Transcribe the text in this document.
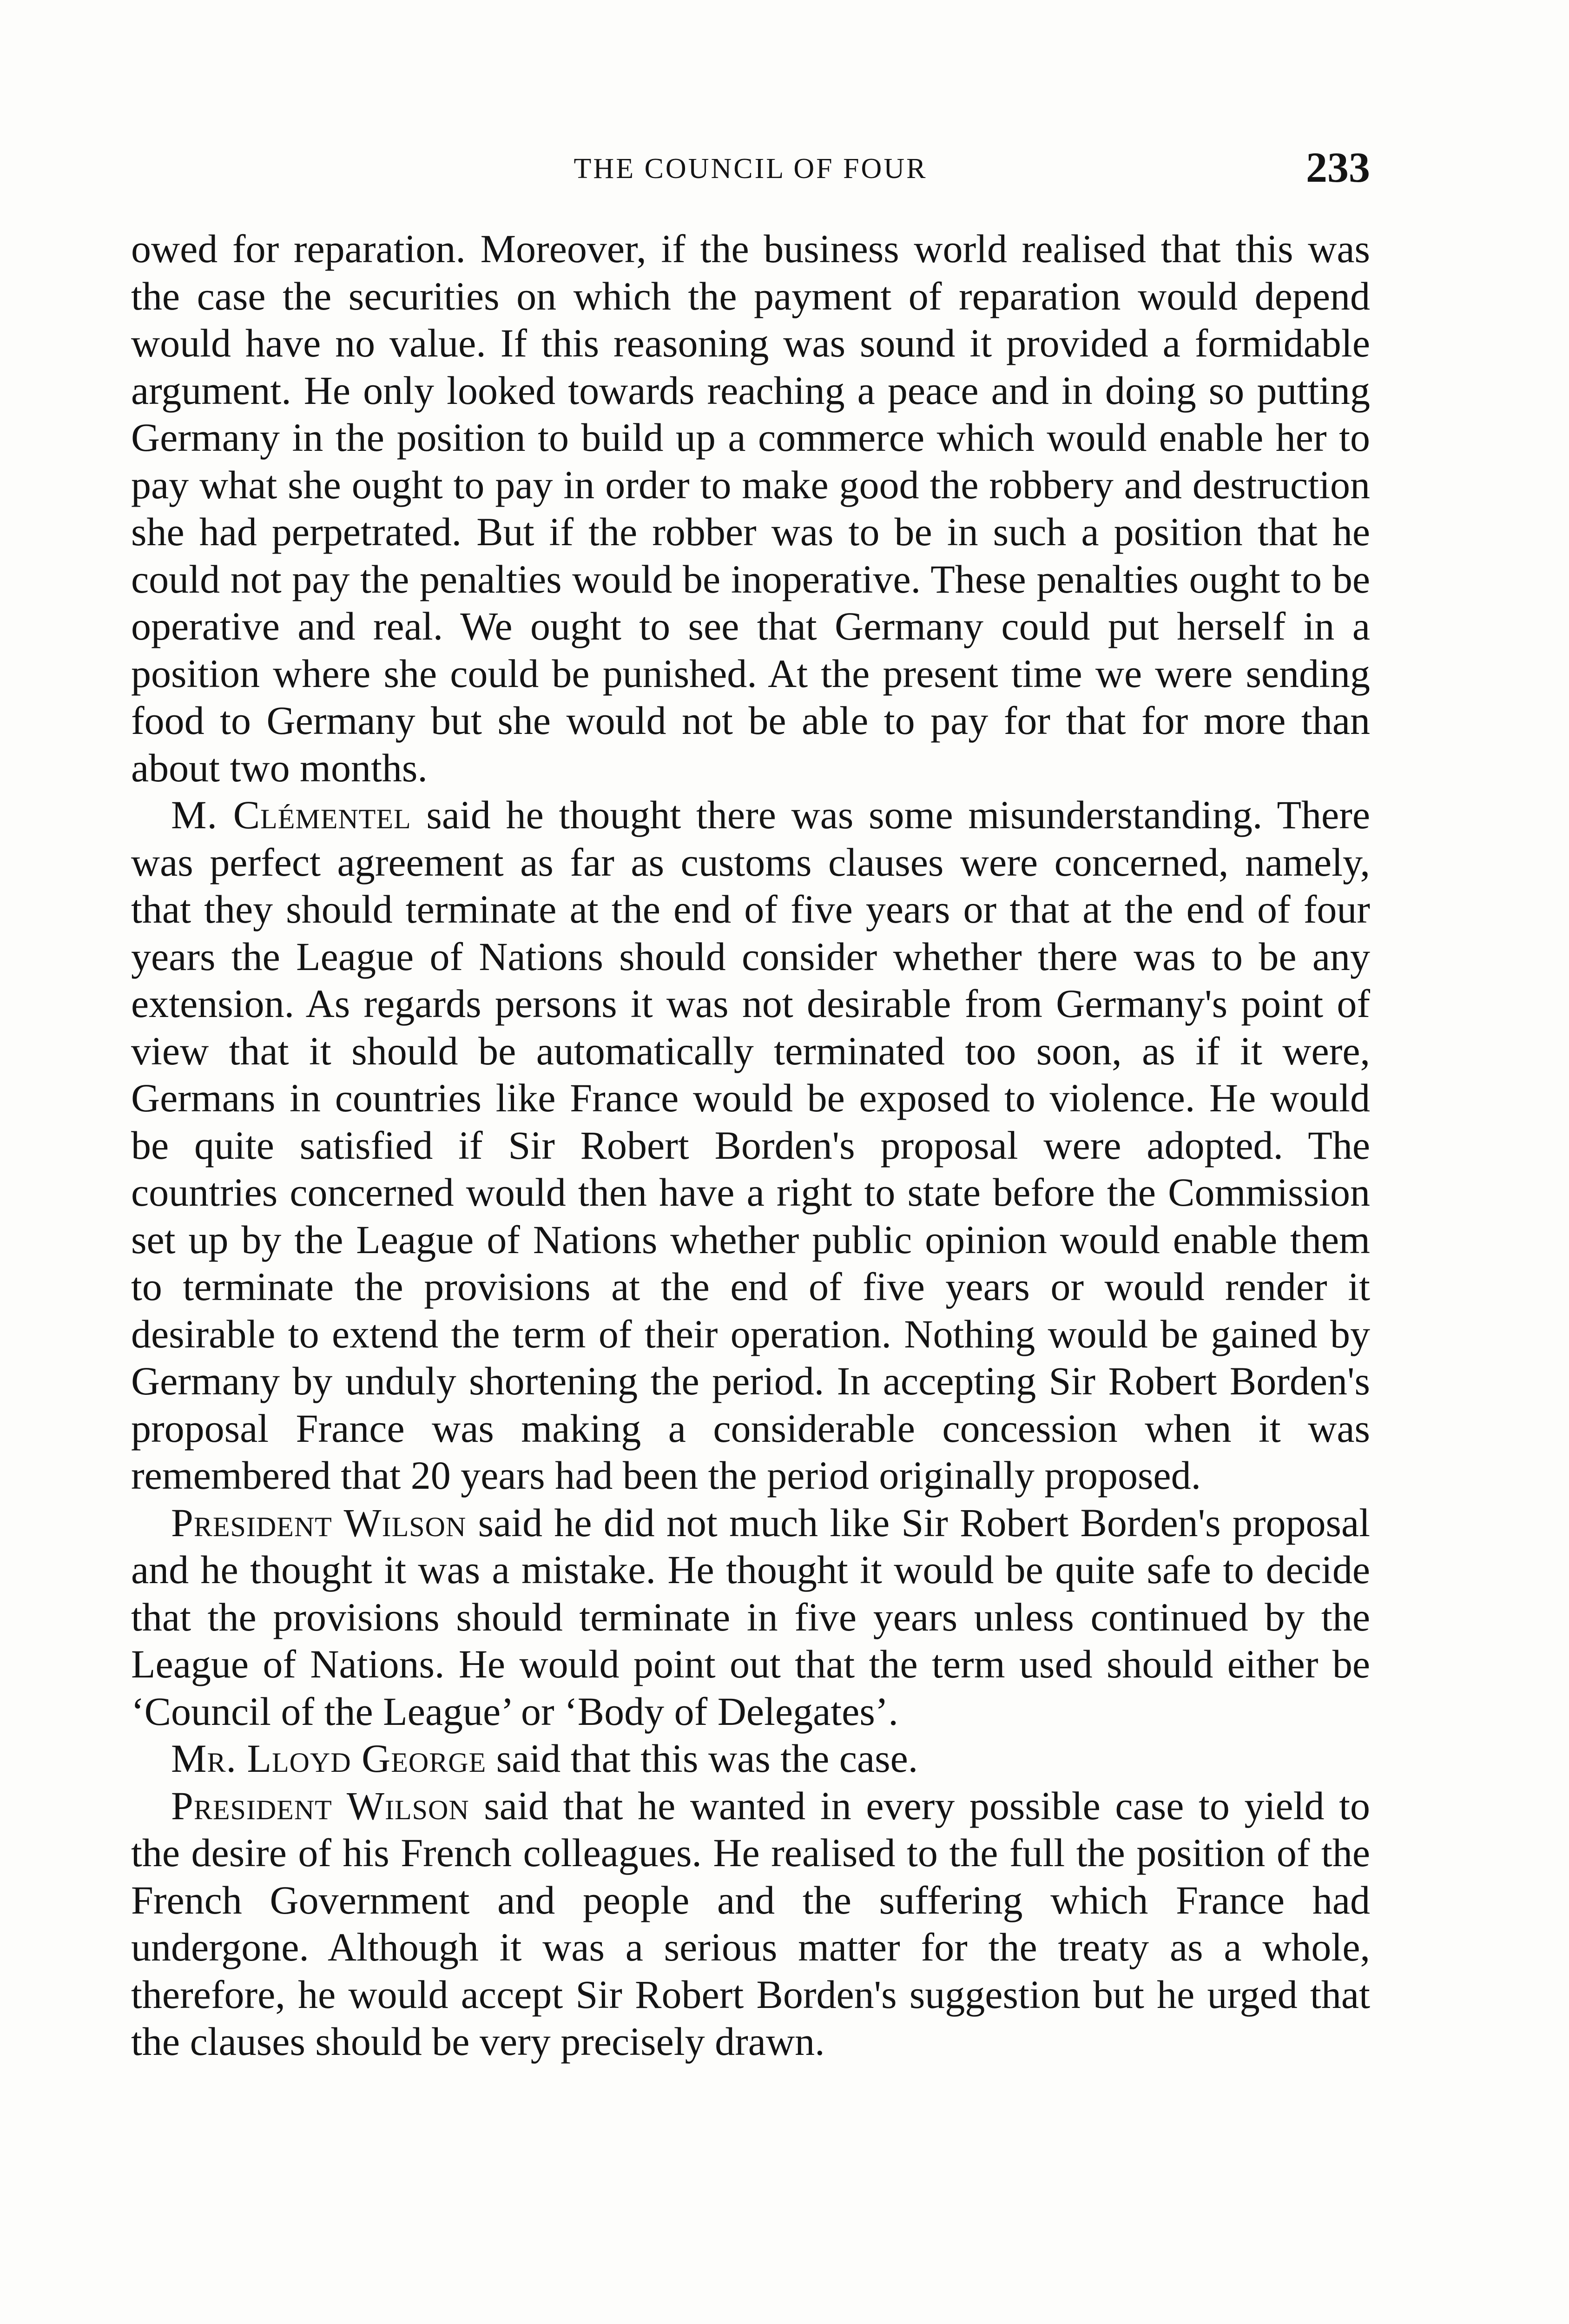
THE COUNCIL OF FOUR	233

owed for reparation. Moreover, if the business world realised that this was the case the securities on which the payment of reparation would depend would have no value. If this reasoning was sound it provided a formidable argument. He only looked towards reaching a peace and in doing so putting Germany in the position to build up a commerce which would enable her to pay what she ought to pay in order to make good the robbery and destruction she had perpetrated. But if the robber was to be in such a position that he could not pay the penalties would be inoperative. These penalties ought to be operative and real. We ought to see that Germany could put herself in a position where she could be punished. At the present time we were sending food to Germany but she would not be able to pay for that for more than about two months.

M. Clémentel said he thought there was some misunderstanding. There was perfect agreement as far as customs clauses were concerned, namely, that they should terminate at the end of five years or that at the end of four years the League of Nations should consider whether there was to be any extension. As regards persons it was not desirable from Germany's point of view that it should be automatically terminated too soon, as if it were, Germans in countries like France would be exposed to violence. He would be quite satisfied if Sir Robert Borden's proposal were adopted. The countries concerned would then have a right to state before the Commission set up by the League of Nations whether public opinion would enable them to terminate the provisions at the end of five years or would render it desirable to extend the term of their operation. Nothing would be gained by Germany by unduly shortening the period. In accepting Sir Robert Borden's proposal France was making a considerable concession when it was remembered that 20 years had been the period originally proposed.

President Wilson said he did not much like Sir Robert Borden's proposal and he thought it was a mistake. He thought it would be quite safe to decide that the provisions should terminate in five years unless continued by the League of Nations. He would point out that the term used should either be ‘Council of the League’ or ‘Body of Delegates’.

Mr. Lloyd George said that this was the case.

President Wilson said that he wanted in every possible case to yield to the desire of his French colleagues. He realised to the full the position of the French Government and people and the suffering which France had undergone. Although it was a serious matter for the treaty as a whole, therefore, he would accept Sir Robert Borden's suggestion but he urged that the clauses should be very precisely drawn.
